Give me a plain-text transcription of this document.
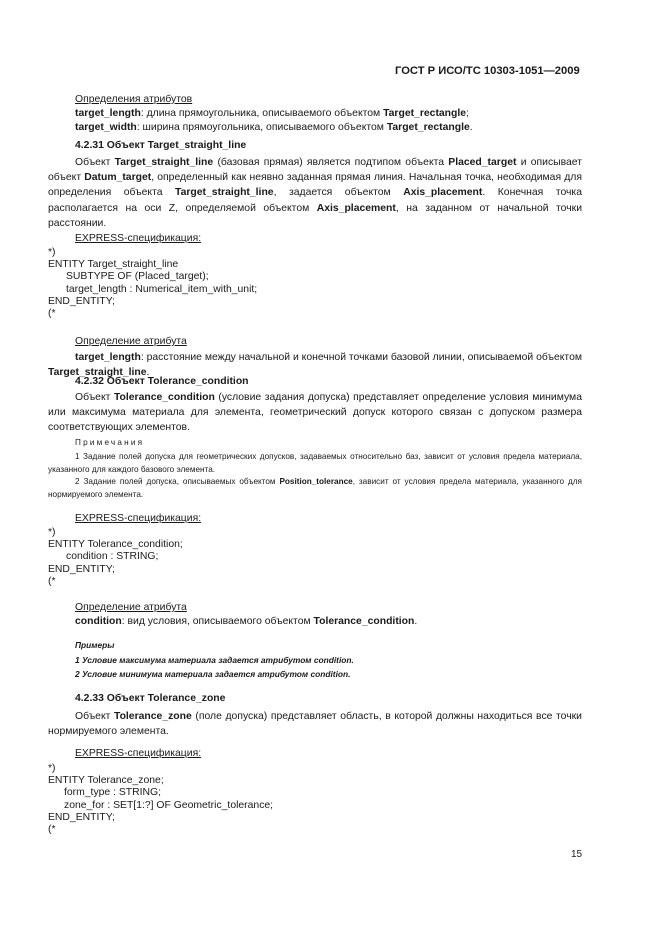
ГОСТ Р ИСО/ТС 10303-1051—2009
Определения атрибутов
target_length: длина прямоугольника, описываемого объектом Target_rectangle;
target_width: ширина прямоугольника, описываемого объектом Target_rectangle.
4.2.31 Объект Target_straight_line
Объект Target_straight_line (базовая прямая) является подтипом объекта Placed_target и описывает объект Datum_target, определенный как неявно заданная прямая линия. Начальная точка, необходимая для определения объекта Target_straight_line, задается объектом Axis_placement. Конечная точка располагается на оси Z, определяемой объектом Axis_placement, на заданном от начальной точки расстоянии.
EXPRESS-спецификация:
*)
ENTITY Target_straight_line
SUBTYPE OF (Placed_target);
target_length : Numerical_item_with_unit;
END_ENTITY;
(*
Определение атрибута
target_length: расстояние между начальной и конечной точками базовой линии, описываемой объектом Target_straight_line.
4.2.32 Объект Tolerance_condition
Объект Tolerance_condition (условие задания допуска) представляет определение условия минимума или максимума материала для элемента, геометрический допуск которого связан с допуском размера соответствующих элементов.
Примечания
1 Задание полей допуска для геометрических допусков, задаваемых относительно баз, зависит от условия предела материала, указанного для каждого базового элемента.
2 Задание полей допуска, описываемых объектом Position_tolerance, зависит от условия предела материала, указанного для нормируемого элемента.
EXPRESS-спецификация:
*)
ENTITY Tolerance_condition;
condition : STRING;
END_ENTITY;
(*
Определение атрибута
condition: вид условия, описываемого объектом Tolerance_condition.
Примеры
1 Условие максимума материала задается атрибутом condition.
2 Условие минимума материала задается атрибутом condition.
4.2.33 Объект Tolerance_zone
Объект Tolerance_zone (поле допуска) представляет область, в которой должны находиться все точки нормируемого элемента.
EXPRESS-спецификация:
*)
ENTITY Tolerance_zone;
form_type : STRING;
zone_for : SET[1:?] OF Geometric_tolerance;
END_ENTITY;
(*
15
